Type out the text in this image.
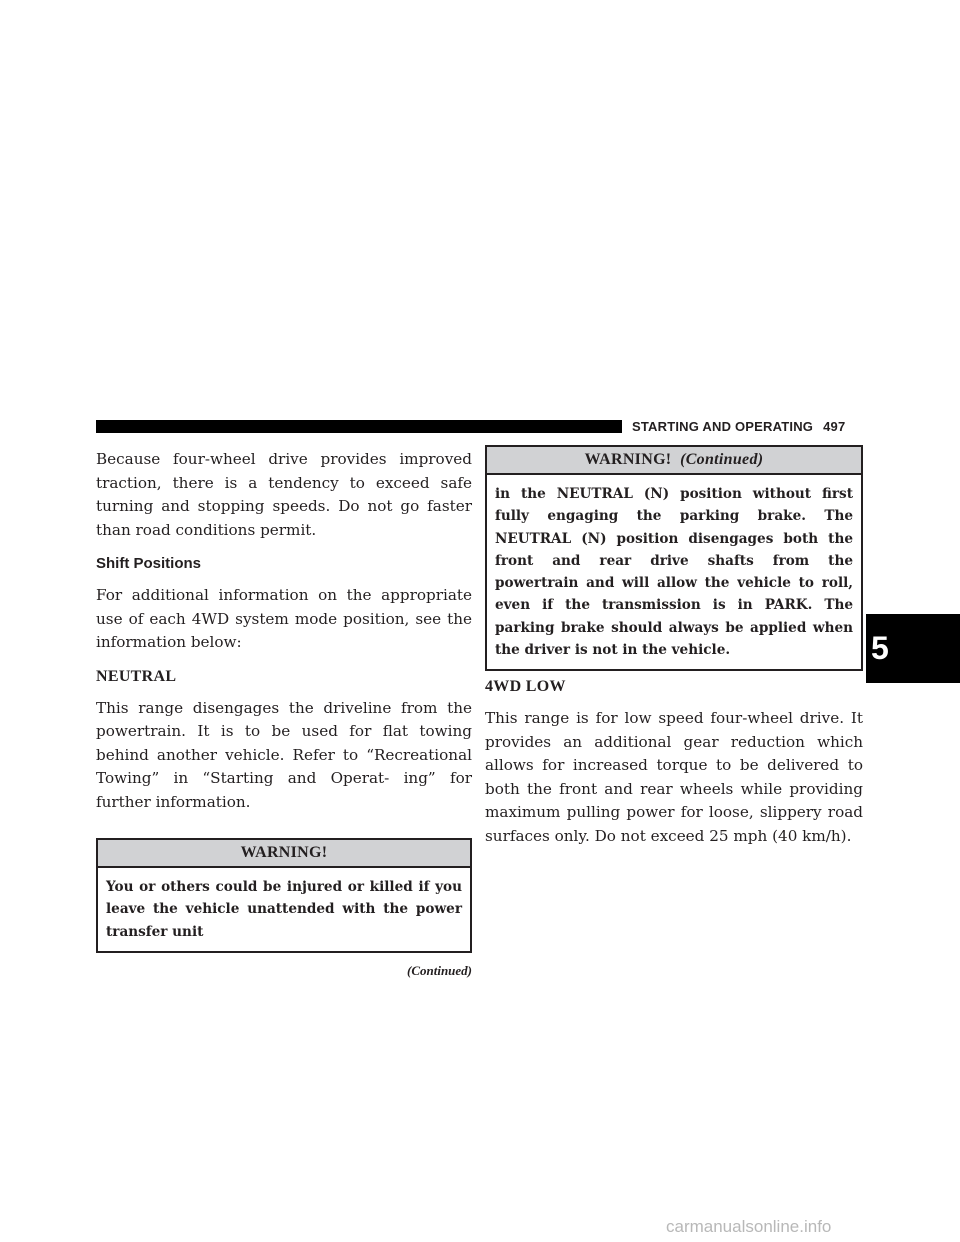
STARTING AND OPERATING 497

Because four-wheel drive provides improved traction, there is a tendency to exceed safe turning and stopping speeds. Do not go faster than road conditions permit.

Shift Positions

For additional information on the appropriate use of each 4WD system mode position, see the information below:

NEUTRAL

This range disengages the driveline from the powertrain. It is to be used for flat towing behind another vehicle. Refer to “Recreational Towing” in “Starting and Operat- ing” for further information.

WARNING!
You or others could be injured or killed if you leave the vehicle unattended with the power transfer unit
(Continued)
WARNING! (Continued)
in the NEUTRAL (N) position without first fully engaging the parking brake. The NEUTRAL (N) position disengages both the front and rear drive shafts from the powertrain and will allow the vehicle to roll, even if the transmission is in PARK. The parking brake should always be applied when the driver is not in the vehicle.
4WD LOW

This range is for low speed four-wheel drive. It provides an additional gear reduction which allows for increased torque to be delivered to both the front and rear wheels while providing maximum pulling power for loose, slippery road surfaces only. Do not exceed 25 mph (40 km/h).

5
carmanualsonline.info
